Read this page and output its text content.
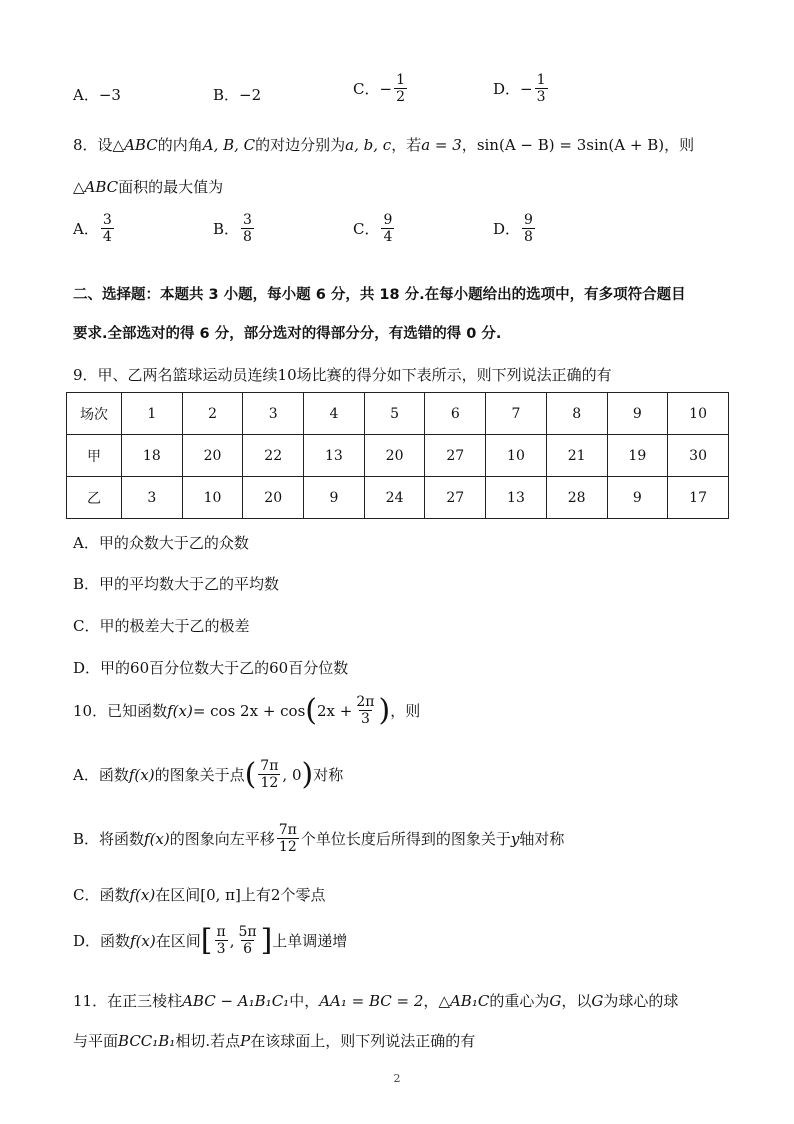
A． −3	B． −2	C． − $\frac{1}{2}$	D． − $\frac{1}{3}$
8．设△ABC的内角A, B, C的对边分别为a, b, c，若a = 3，sin(A − B) = 3sin(A + B)，则
△ABC面积的最大值为
A． $\frac{3}{4}$	B． $\frac{3}{8}$	C． $\frac{9}{4}$	D． $\frac{9}{8}$
二、选择题：本题共 3 小题，每小题 6 分，共 18 分.在每小题给出的选项中，有多项符合题目
要求.全部选对的得 6 分，部分选对的得部分分，有选错的得 0 分.
9．甲、乙两名篮球运动员连续10场比赛的得分如下表所示，则下列说法正确的有
场次	1	2	3	4	5	6	7	8	9	10
甲	18	20	22	13	20	27	10	21	19	30
乙	3	10	20	9	24	27	13	28	9	17
A．甲的众数大于乙的众数
B．甲的平均数大于乙的平均数
C．甲的极差大于乙的极差
D．甲的60百分位数大于乙的60百分位数
10．已知函数 f(x) = cos 2x + cos ( $2x + \frac{2\pi}{3}$ ) ，则
A．函数 f(x) 的图象关于点 ( $\frac{7\pi}{12}$ , 0 ) 对称
B．将函数 f(x) 的图象向左平移 $\frac{7\pi}{12}$ 个单位长度后所得到的图象关于 y 轴对称
C．函数f(x)在区间[0, π]上有2个零点
D．函数 f(x) 在区间 [ $\frac{\pi}{3}$ , $\frac{5\pi}{6}$ ] 上单调递增
11．在正三棱柱ABC − A₁B₁C₁中，AA₁ = BC = 2，△AB₁C的重心为G，以G为球心的球
与平面BCC₁B₁相切.若点P在该球面上，则下列说法正确的有
2
